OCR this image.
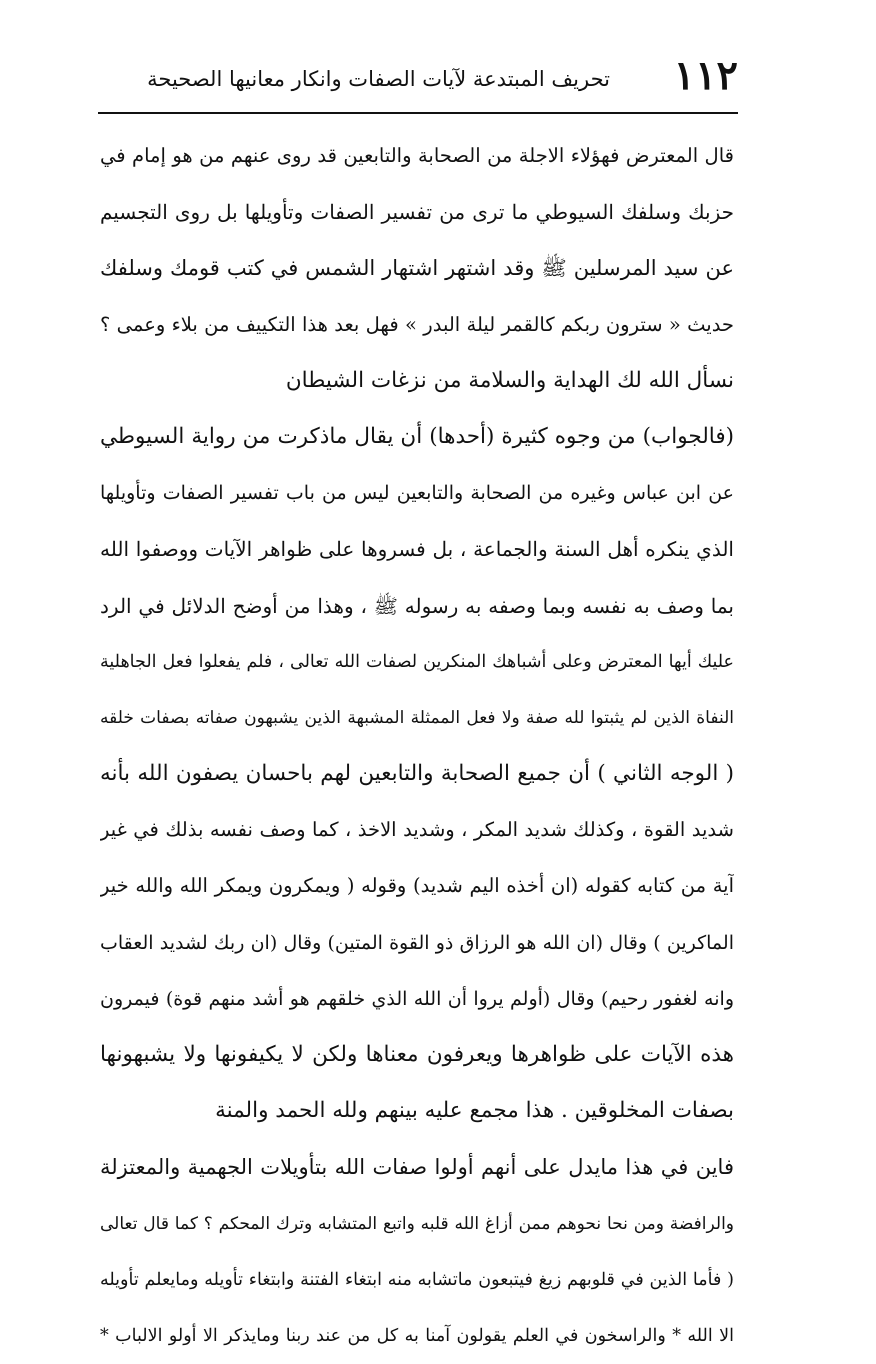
١١٢
تحريف المبتدعة لآيات الصفات وانكار معانيها الصحيحة
قال المعترض فهؤلاء الاجلة من الصحابة والتابعين قد روى عنهم من هو إمام في
حزبك وسلفك السيوطي ما ترى من تفسير الصفات وتأويلها بل روى التجسيم
عن سيد المرسلين ﷺ وقد اشتهر اشتهار الشمس في كتب قومك وسلفك
حديث « سترون ربكم كالقمر ليلة البدر » فهل بعد هذا التكييف من بلاء وعمى ؟
نسأل الله لك الهداية والسلامة من نزغات الشيطان
(فالجواب) من وجوه كثيرة (أحدها) أن يقال ماذكرت من رواية السيوطي
عن ابن عباس وغيره من الصحابة والتابعين ليس من باب تفسير الصفات وتأويلها
الذي ينكره أهل السنة والجماعة ، بل فسروها على ظواهر الآيات ووصفوا الله
بما وصف به نفسه وبما وصفه به رسوله ﷺ ، وهذا من أوضح الدلائل في الرد
عليك أيها المعترض وعلى أشباهك المنكرين لصفات الله تعالى ، فلم يفعلوا فعل الجاهلية
النفاة الذين لم يثبتوا لله صفة ولا فعل الممثلة المشبهة الذين يشبهون صفاته بصفات خلقه
( الوجه الثاني ) أن جميع الصحابة والتابعين لهم باحسان يصفون الله بأنه
شديد القوة ، وكذلك شديد المكر ، وشديد الاخذ ، كما وصف نفسه بذلك في غير
آية من كتابه كقوله (ان أخذه اليم شديد) وقوله ( ويمكرون ويمكر الله والله خير
الماكرين ) وقال (ان الله هو الرزاق ذو القوة المتين) وقال (ان ربك لشديد العقاب
وانه لغفور رحيم) وقال (أولم يروا أن الله الذي خلقهم هو أشد منهم قوة) فيمرون
هذه الآيات على ظواهرها ويعرفون معناها ولكن لا يكيفونها ولا يشبهونها
بصفات المخلوقين . هذا مجمع عليه بينهم ولله الحمد والمنة
فاين في هذا مايدل على أنهم أولوا صفات الله بتأويلات الجهمية والمعتزلة
والرافضة ومن نحا نحوهم ممن أزاغ الله قلبه واتبع المتشابه وترك المحكم ؟ كما قال تعالى
( فأما الذين في قلوبهم زيغ فيتبعون ماتشابه منه ابتغاء الفتنة وابتغاء تأويله ومايعلم تأويله
الا الله * والراسخون في العلم يقولون آمنا به كل من عند ربنا ومايذكر الا أولو الالباب *
